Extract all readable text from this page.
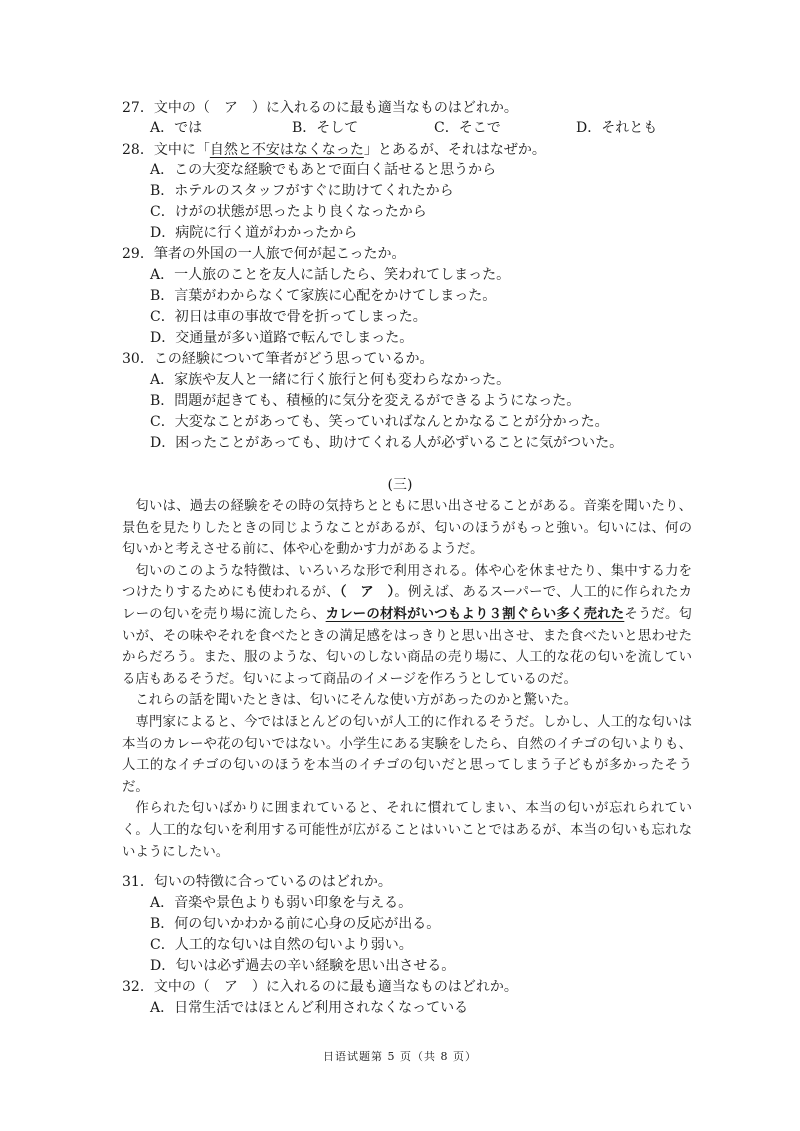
27．文中の（　ア　）に入れるのに最も適当なものはどれか。
A．では	B．そして	C．そこで	D．それとも
28．文中に「自然と不安はなくなった」とあるが、それはなぜか。
A．この大変な経験でもあとで面白く話せると思うから
B．ホテルのスタッフがすぐに助けてくれたから
C．けがの状態が思ったより良くなったから
D．病院に行く道がわかったから
29．筆者の外国の一人旅で何が起こったか。
A．一人旅のことを友人に話したら、笑われてしまった。
B．言葉がわからなくて家族に心配をかけてしまった。
C．初日は車の事故で骨を折ってしまった。
D．交通量が多い道路で転んでしまった。
30．この経験について筆者がどう思っているか。
A．家族や友人と一緒に行く旅行と何も変わらなかった。
B．問題が起きても、積極的に気分を変えるができるようになった。
C．大変なことがあっても、笑っていればなんとかなることが分かった。
D．困ったことがあっても、助けてくれる人が必ずいることに気がついた。
(三)

匂いは、過去の経験をその時の気持ちとともに思い出させることがある。音楽を聞いたり、景色を見たりしたときの同じようなことがあるが、匂いのほうがもっと強い。匂いには、何の匂いかと考えさせる前に、体や心を動かす力があるようだ。

匂いのこのような特徴は、いろいろな形で利用される。体や心を休ませたり、集中する力をつけたりするためにも使われるが、（　ア　）。例えば、あるスーパーで、人工的に作られたカレーの匂いを売り場に流したら、カレーの材料がいつもより３割ぐらい多く売れたそうだ。匂いが、その味やそれを食べたときの満足感をはっきりと思い出させ、また食べたいと思わせたからだろう。また、服のような、匂いのしない商品の売り場に、人工的な花の匂いを流している店もあるそうだ。匂いによって商品のイメージを作ろうとしているのだ。

これらの話を聞いたときは、匂いにそんな使い方があったのかと驚いた。

専門家によると、今ではほとんどの匂いが人工的に作れるそうだ。しかし、人工的な匂いは本当のカレーや花の匂いではない。小学生にある実験をしたら、自然のイチゴの匂いよりも、人工的なイチゴの匂いのほうを本当のイチゴの匂いだと思ってしまう子どもが多かったそうだ。

作られた匂いばかりに囲まれていると、それに慣れてしまい、本当の匂いが忘れられていく。人工的な匂いを利用する可能性が広がることはいいことではあるが、本当の匂いも忘れないようにしたい。

31．匂いの特徴に合っているのはどれか。
A．音楽や景色よりも弱い印象を与える。
B．何の匂いかわかる前に心身の反応が出る。
C．人工的な匂いは自然の匂いより弱い。
D．匂いは必ず過去の辛い経験を思い出させる。
32．文中の（　ア　）に入れるのに最も適当なものはどれか。
A．日常生活ではほとんど利用されなくなっている
日语试题第 5 页（共 8 页）
